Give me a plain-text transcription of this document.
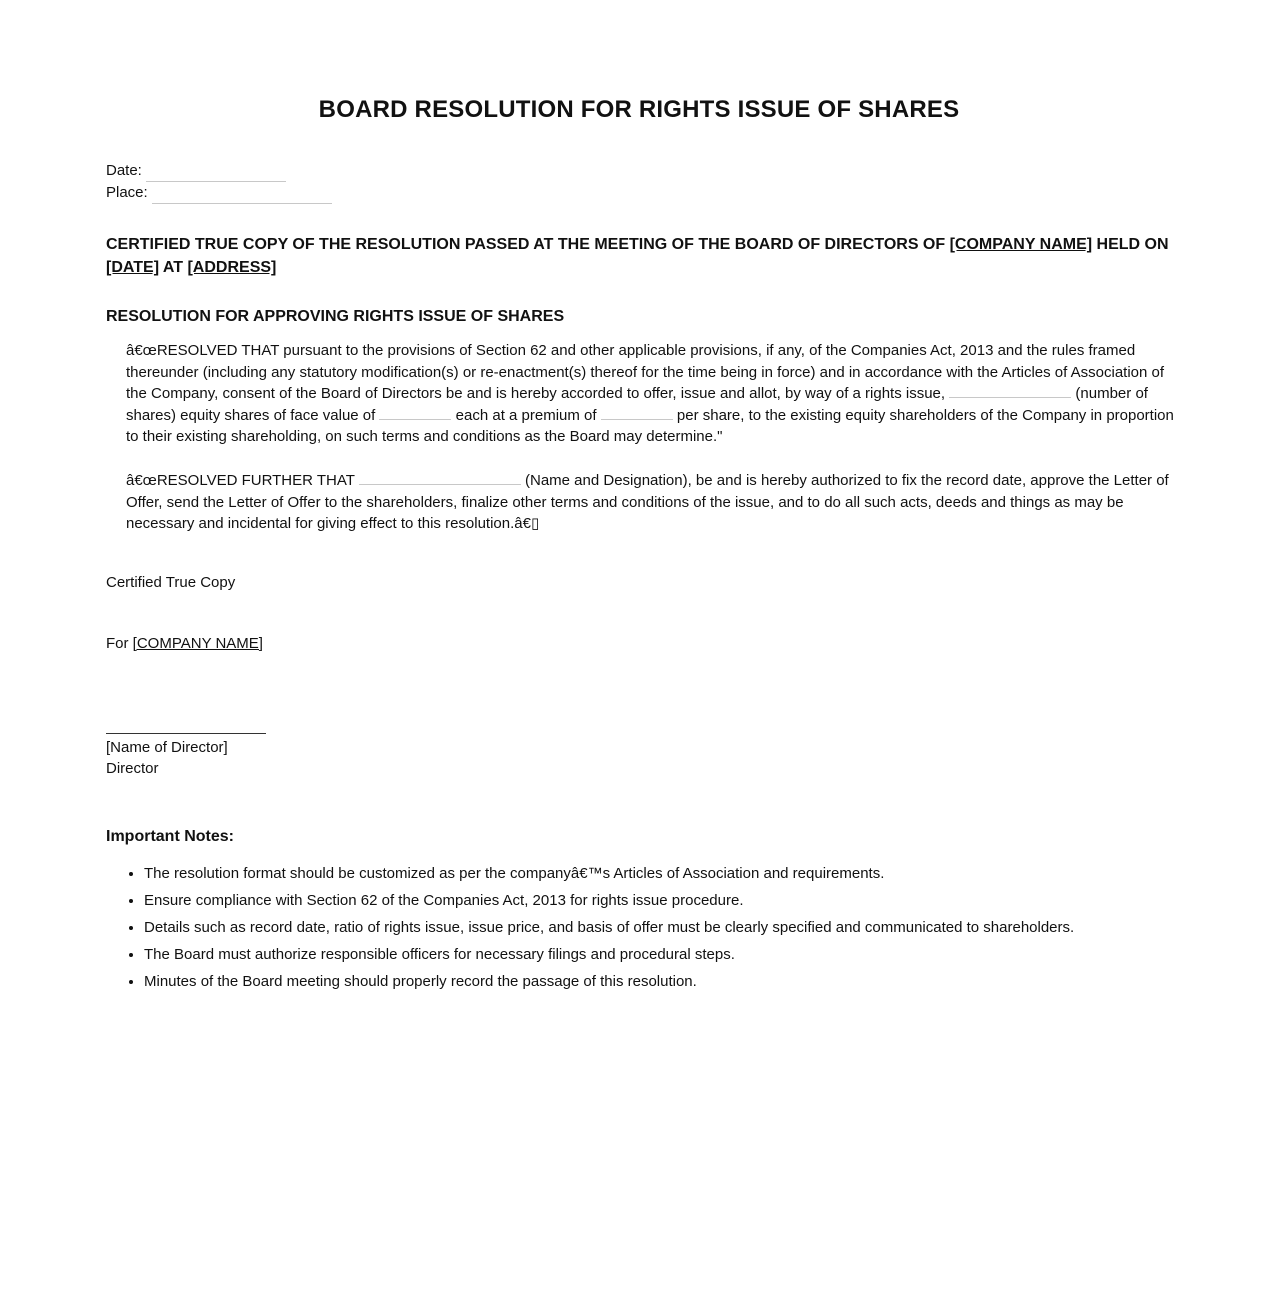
BOARD RESOLUTION FOR RIGHTS ISSUE OF SHARES
Date:
Place:
CERTIFIED TRUE COPY OF THE RESOLUTION PASSED AT THE MEETING OF THE BOARD OF DIRECTORS OF [COMPANY NAME] HELD ON [DATE] AT [ADDRESS]
RESOLUTION FOR APPROVING RIGHTS ISSUE OF SHARES
â€œRESOLVED THAT pursuant to the provisions of Section 62 and other applicable provisions, if any, of the Companies Act, 2013 and the rules framed thereunder (including any statutory modification(s) or re-enactment(s) thereof for the time being in force) and in accordance with the Articles of Association of the Company, consent of the Board of Directors be and is hereby accorded to offer, issue and allot, by way of a rights issue,	(number of shares) equity shares of face value of	each at a premium of	per share, to the existing equity shareholders of the Company in proportion to their existing shareholding, on such terms and conditions as the Board may determine."
â€œRESOLVED FURTHER THAT	(Name and Designation), be and is hereby authorized to fix the record date, approve the Letter of Offer, send the Letter of Offer to the shareholders, finalize other terms and conditions of the issue, and to do all such acts, deeds and things as may be necessary and incidental for giving effect to this resolution.â€▯
Certified True Copy
For [COMPANY NAME]
[Name of Director]
Director
Important Notes:
• The resolution format should be customized as per the companyâ€™s Articles of Association and requirements.
• Ensure compliance with Section 62 of the Companies Act, 2013 for rights issue procedure.
• Details such as record date, ratio of rights issue, issue price, and basis of offer must be clearly specified and communicated to shareholders.
• The Board must authorize responsible officers for necessary filings and procedural steps.
• Minutes of the Board meeting should properly record the passage of this resolution.
